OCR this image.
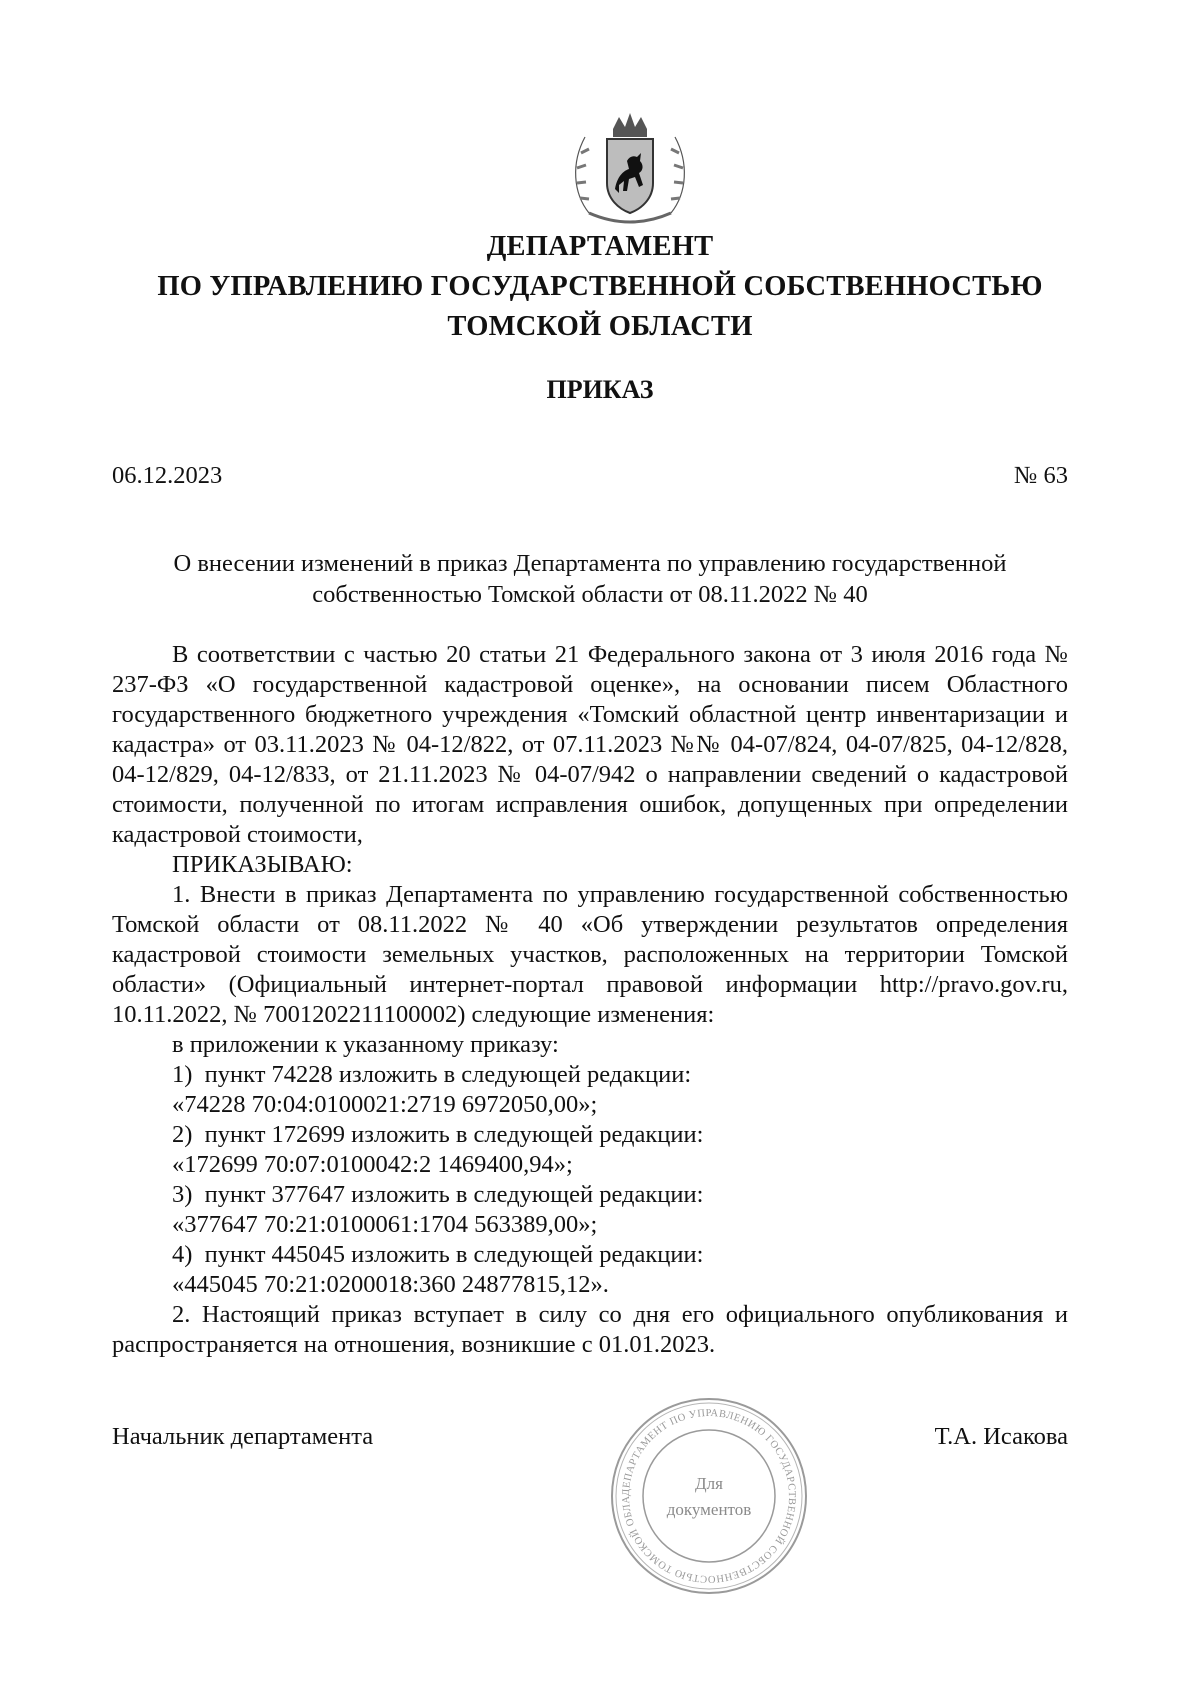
ДЕПАРТАМЕНТ
ПО УПРАВЛЕНИЮ ГОСУДАРСТВЕННОЙ СОБСТВЕННОСТЬЮ
ТОМСКОЙ ОБЛАСТИ
ПРИКАЗ
06.12.2023	№ 63
О внесении изменений в приказ Департамента по управлению государственной
собственностью Томской области от 08.11.2022 № 40

В соответствии с частью 20 статьи 21 Федерального закона от 3 июля 2016 года № 237-ФЗ «О государственной кадастровой оценке», на основании писем Областного государственного бюджетного учреждения «Томский областной центр инвентаризации и кадастра» от 03.11.2023 № 04-12/822, от 07.11.2023 №№ 04-07/824, 04-07/825, 04-12/828, 04-12/829, 04-12/833, от 21.11.2023 № 04-07/942 о направлении сведений о кадастровой стоимости, полученной по итогам исправления ошибок, допущенных при определении кадастровой стоимости,

ПРИКАЗЫВАЮ:

1. Внести в приказ Департамента по управлению государственной собственностью Томской области от 08.11.2022 № 40 «Об утверждении результатов определения кадастровой стоимости земельных участков, расположенных на территории Томской области» (Официальный интернет-портал правовой информации http://pravo.gov.ru, 10.11.2022, № 7001202211100002) следующие изменения:

в приложении к указанному приказу:

1)  пункт 74228 изложить в следующей редакции:

«74228 70:04:0100021:2719 6972050,00»;

2)  пункт 172699 изложить в следующей редакции:

«172699 70:07:0100042:2 1469400,94»;

3)  пункт 377647 изложить в следующей редакции:

«377647 70:21:0100061:1704 563389,00»;

4)  пункт 445045 изложить в следующей редакции:

«445045 70:21:0200018:360 24877815,12».

2. Настоящий приказ вступает в силу со дня его официального опубликования и распространяется на отношения, возникшие с 01.01.2023.

Начальник департамента	Т.А. Исакова
ДЕПАРТАМЕНТ ПО УПРАВЛЕНИЮ ГОСУДАРСТВЕННОЙ СОБСТВЕННОСТЬЮ ТОМСКОЙ ОБЛА
Для
документов
